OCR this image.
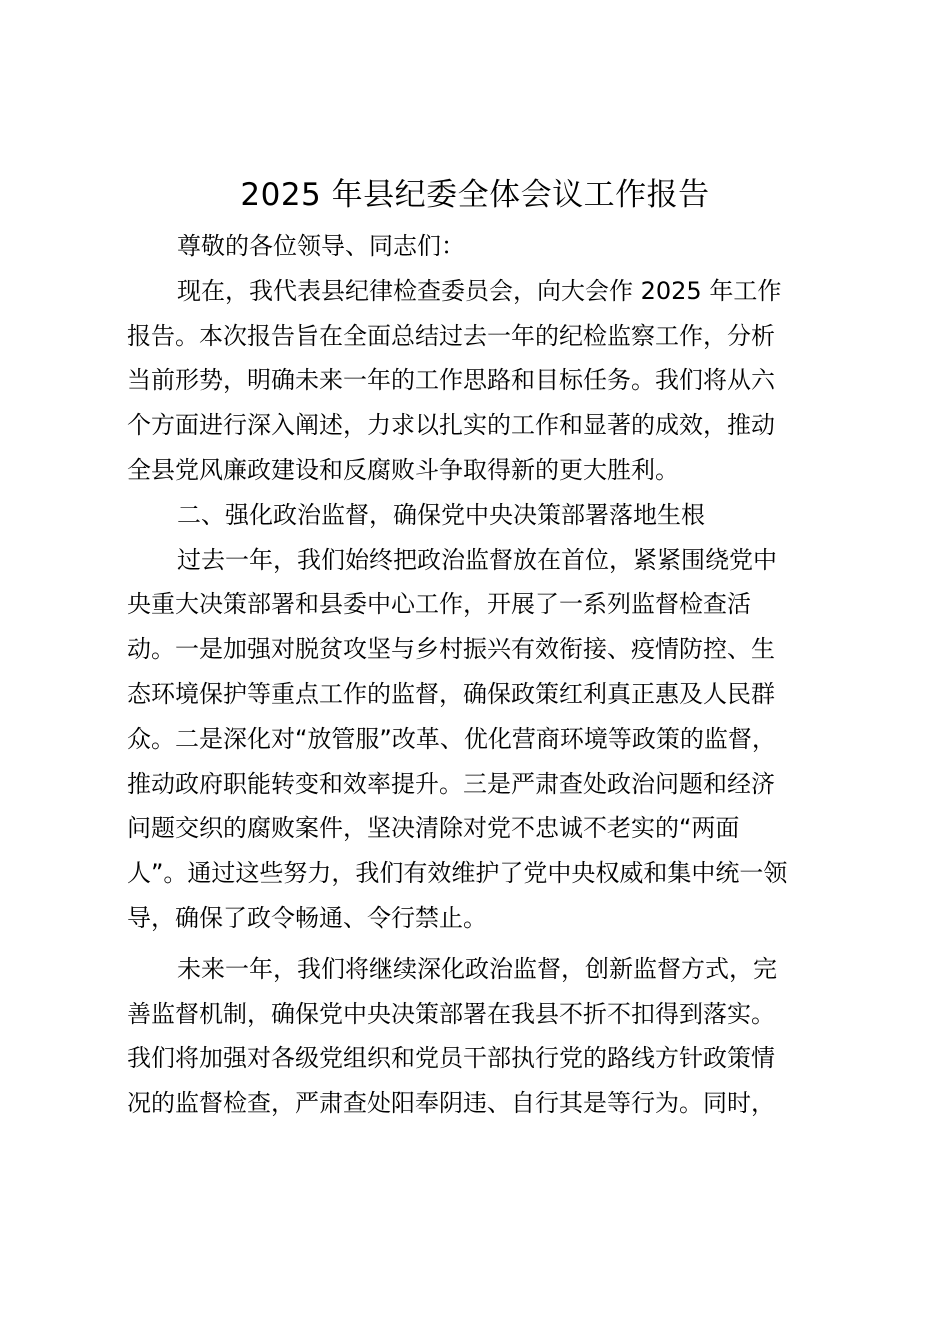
2025 年县纪委全体会议工作报告
尊敬的各位领导、同志们：
现在，我代表县纪律检查委员会，向大会作 2025 年工作
报告。本次报告旨在全面总结过去一年的纪检监察工作，分析
当前形势，明确未来一年的工作思路和目标任务。我们将从六
个方面进行深入阐述，力求以扎实的工作和显著的成效，推动
全县党风廉政建设和反腐败斗争取得新的更大胜利。
二、强化政治监督，确保党中央决策部署落地生根
过去一年，我们始终把政治监督放在首位，紧紧围绕党中
央重大决策部署和县委中心工作，开展了一系列监督检查活
动。一是加强对脱贫攻坚与乡村振兴有效衔接、疫情防控、生
态环境保护等重点工作的监督，确保政策红利真正惠及人民群
众。二是深化对“放管服”改革、优化营商环境等政策的监督，
推动政府职能转变和效率提升。三是严肃查处政治问题和经济
问题交织的腐败案件，坚决清除对党不忠诚不老实的“两面
人”。通过这些努力，我们有效维护了党中央权威和集中统一领
导，确保了政令畅通、令行禁止。
未来一年，我们将继续深化政治监督，创新监督方式，完
善监督机制，确保党中央决策部署在我县不折不扣得到落实。
我们将加强对各级党组织和党员干部执行党的路线方针政策情
况的监督检查，严肃查处阳奉阴违、自行其是等行为。同时，
